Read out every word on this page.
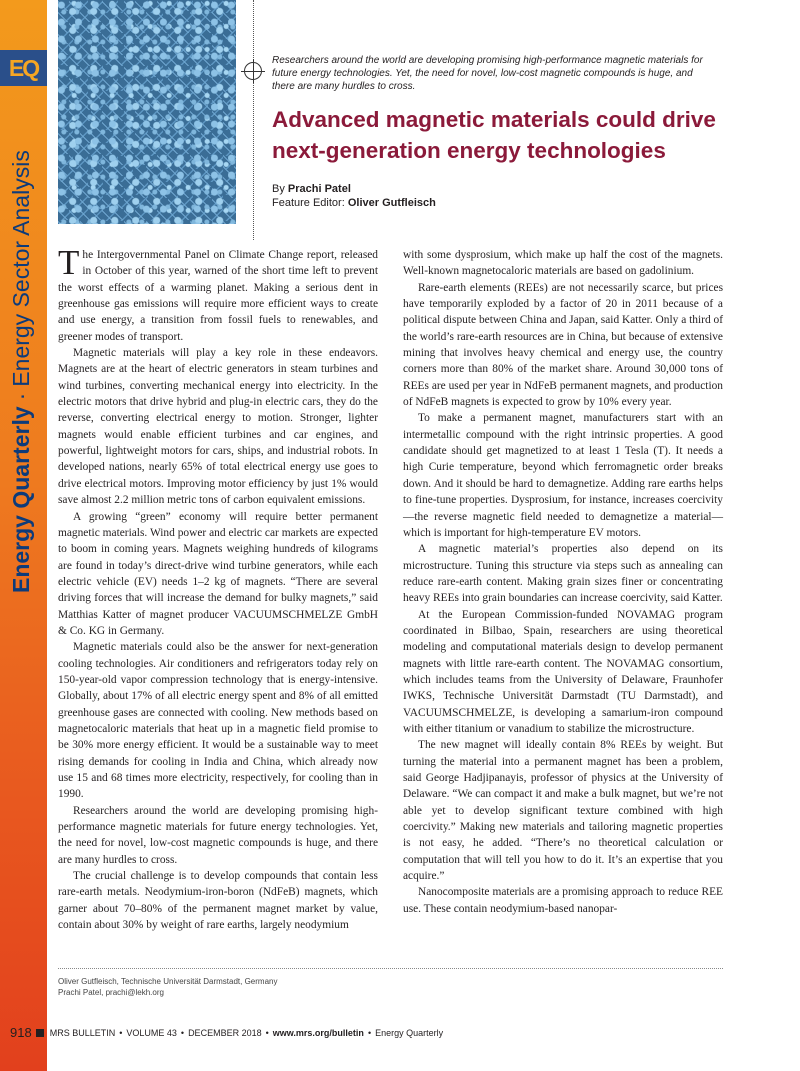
EQ
Energy Quarterly·Energy Sector Analysis
Researchers around the world are developing promising high-performance magnetic materials for future energy technologies. Yet, the need for novel, low-cost magnetic compounds is huge, and there are many hurdles to cross.
Advanced magnetic materials could drive next-generation energy technologies
By Prachi Patel
Feature Editor: Oliver Gutfleisch

The Intergovernmental Panel on Climate Change report, released in October of this year, warned of the short time left to prevent the worst effects of a warming planet. Making a serious dent in greenhouse gas emissions will require more efficient ways to create and use energy, a transition from fossil fuels to renewables, and greener modes of transport.

Magnetic materials will play a key role in these endeavors. Magnets are at the heart of electric generators in steam turbines and wind turbines, converting mechanical energy into electricity. In the electric motors that drive hybrid and plug-in electric cars, they do the reverse, converting electrical energy to motion. Stronger, lighter magnets would enable efficient turbines and car engines, and powerful, lightweight motors for cars, ships, and industrial robots. In developed nations, nearly 65% of total electrical energy use goes to drive electrical motors. Improving motor efficiency by just 1% would save almost 2.2 million metric tons of carbon equivalent emissions.

A growing “green” economy will require better permanent magnetic materials. Wind power and electric car markets are expected to boom in coming years. Magnets weighing hundreds of kilograms are found in today’s direct-drive wind turbine generators, while each electric vehicle (EV) needs 1–2 kg of magnets. “There are several driving forces that will increase the demand for bulky magnets,” said Matthias Katter of magnet producer VACUUMSCHMELZE GmbH & Co. KG in Germany.

Magnetic materials could also be the answer for next-generation cooling technologies. Air conditioners and refrigerators today rely on 150-year-old vapor compression technology that is energy-intensive. Globally, about 17% of all electric energy spent and 8% of all emitted greenhouse gases are connected with cooling. New methods based on magnetocaloric materials that heat up in a magnetic field promise to be 30% more energy efficient. It would be a sustainable way to meet rising demands for cooling in India and China, which already now use 15 and 68 times more electricity, respectively, for cooling than in 1990.

Researchers around the world are developing promising high-performance magnetic materials for future energy technologies. Yet, the need for novel, low-cost magnetic compounds is huge, and there are many hurdles to cross.

The crucial challenge is to develop compounds that contain less rare-earth metals. Neodymium-iron-boron (NdFeB) magnets, which garner about 70–80% of the permanent magnet market by value, contain about 30% by weight of rare earths, largely neodymium

with some dysprosium, which make up half the cost of the magnets. Well-known magnetocaloric materials are based on gadolinium.

Rare-earth elements (REEs) are not necessarily scarce, but prices have temporarily exploded by a factor of 20 in 2011 because of a political dispute between China and Japan, said Katter. Only a third of the world’s rare-earth resources are in China, but because of extensive mining that involves heavy chemical and energy use, the country corners more than 80% of the market share. Around 30,000 tons of REEs are used per year in NdFeB permanent magnets, and production of NdFeB magnets is expected to grow by 10% every year.

To make a permanent magnet, manufacturers start with an intermetallic compound with the right intrinsic properties. A good candidate should get magnetized to at least 1 Tesla (T). It needs a high Curie temperature, beyond which ferromagnetic order breaks down. And it should be hard to demagnetize. Adding rare earths helps to fine-tune properties. Dysprosium, for instance, increases coercivity—the reverse magnetic field needed to demagnetize a material—which is important for high-temperature EV motors.

A magnetic material’s properties also depend on its microstructure. Tuning this structure via steps such as annealing can reduce rare-earth content. Making grain sizes finer or concentrating heavy REEs into grain boundaries can increase coercivity, said Katter.

At the European Commission-funded NOVAMAG program coordinated in Bilbao, Spain, researchers are using theoretical modeling and computational materials design to develop permanent magnets with little rare-earth content. The NOVAMAG consortium, which includes teams from the University of Delaware, Fraunhofer IWKS, Technische Universität Darmstadt (TU Darmstadt), and VACUUMSCHMELZE, is developing a samarium-iron compound with either titanium or vanadium to stabilize the microstructure.

The new magnet will ideally contain 8% REEs by weight. But turning the material into a permanent magnet has been a problem, said George Hadjipanayis, professor of physics at the University of Delaware. “We can compact it and make a bulk magnet, but we’re not able yet to develop significant texture combined with high coercivity.” Making new materials and tailoring magnetic properties is not easy, he added. “There’s no theoretical calculation or computation that will tell you how to do it. It’s an expertise that you acquire.”

Nanocomposite materials are a promising approach to reduce REE use. These contain neodymium-based nanopar-

Oliver Gutfleisch, Technische Universität Darmstadt, Germany
Prachi Patel, prachi@lekh.org
918 MRS BULLETIN • VOLUME 43 • DECEMBER 2018 • www.mrs.org/bulletin • Energy Quarterly
